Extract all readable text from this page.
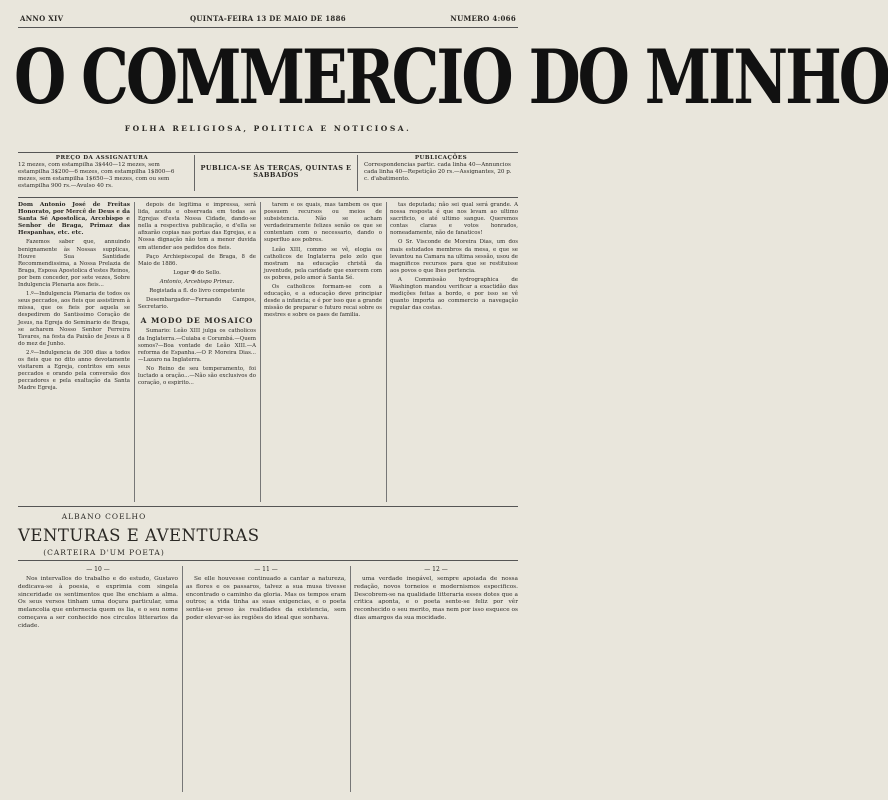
ANNO XIV	QUINTA-FEIRA 13 DE MAIO DE 1886	NUMERO 4:066
O COMMERCIO DO MINHO
FOLHA RELIGIOSA, POLITICA E NOTICIOSA.
PREÇO DA ASSIGNATURA
12 mezes, com estampilha 3$440—12 mezes, sem estampilha 3$200—6 mezes, com estampilha 1$800—6 mezes, sem estampilha 1$650—3 mezes, com ou sem estampilha 900 rs.—Avulso 40 rs.
PUBLICA-SE ÀS TERÇAS, QUINTAS E SABBADOS
PUBLICAÇÕES
Correspondencias partic. cada linha 40—Annuncios cada linha 40—Repetição 20 rs.—Assignantes, 20 p. c. d'abatimento.

Dom Antonio José de Freitas Honorato, por Mercê de Deus e da Santa Sé Apostolica, Arcebispo e Senhor de Braga, Primaz das Hespanhas, etc. etc.

Fazemos saber que, annuindo benignamente às Nossas supplicas, Houve Sua Santidade Recommendissima, a Nossa Prelazia de Braga, Esposa Apostolica d'estes Reinos, por bem conceder, por sete vezes, Sobre Indulgencia Plenaria aos fieis...

1.º—Indulgencia Plenaria de todos os seus peccados, aos fieis que assistirem à missa, que os fieis por aquela se despedirem do Santissimo Coração de Jesus, na Egreja do Seminario de Braga, se acharem Nosso Senhor Ferreira Tavares, na festa da Paixão de Jesus a 8 do mez de Junho.

2.º—Indulgencia de 300 dias a todos os fieis que no dito anno devotamente visitarem a Egreja, contritos em seus peccados e orando pela conversão dos peccadores e pela exaltação da Santa Madre Egreja.

depois de legitima e impressa, será lida, aceita e observada em todas as Egrejas d'esta Nossa Cidade, dando-se nella a respectiva publicação, e d'ella se afixarão copias nas portas das Egrejas, e a Nossa dignação não tem a menor duvida em attender aos pedidos dos fieis.

Paço Archiepiscopal de Braga, 8 de Maio de 1886.

Logar ✠ do Sello.

Antonio, Arcebispo Primaz.

Registada a fl. do livro competente

Desembargador—Fernando Campos, Secretario.

A MODO DE MOSAICO

Sumario: Leão XIII julga os catholicos da Inglaterra.—Cuiaba e Corumbá.—Quem somos?—Boa vontade de Leão XIII.—A reforma de Espanha.—O P. Moreira Dias...—Lazaro na Inglaterra.

No Reino de seu temperamento, foi luctado a oração...—Não são exclusivos do coração, o espirito...

tarem e os quais, mas tambem os que possuem recursos ou meios de subsistencia. Não se acham verdadeiramente felizes senão os que se contentam com o necessario, dando o superfluo aos pobres.

Leão XIII, commo se vê, elogia os catholicos de Inglaterra pelo zelo que mostram na educação christã da juventude, pela caridade que exercem com os pobres, pelo amor à Santa Sé.

Os catholicos formam-se com a educação, e a educação deve principiar desde a infancia; e é por isso que a grande missão de preparar o futuro recai sobre os mestres e sobre os paes de familia.

tas deputada; não sei qual será grande. A nossa resposta é que nos levam ao ultimo sacrificio, e até ultimo sangue. Queremos contas claras e votos honrados, nomeadamente, não de fanaticos!

O Sr. Visconde de Moreira Dias, um dos mais estudados membros da mesa, e que se levantou na Camara na ultima sessão, usou de magnificos recursos para que se restituisse aos povos o que lhes pertencia.

A Commissão hydrographica de Washington mandou verificar a exactidão das medições feitas a bordo, e por isso se vê quanto importa ao commercio a navegação regular das costas.

ALBANO COELHO
VENTURAS E AVENTURAS
(CARTEIRA D'UM POETA)
— 10 —	— 11 —	— 12 —

Nos intervallos do trabalho e do estudo, Gustavo dedicava-se à poesia, e exprimia com singela sinceridade os sentimentos que lhe enchiam a alma. Os seus versos tinham uma doçura particular, uma melancolia que enternecia quem os lia, e o seu nome começava a ser conhecido nos circulos litterarios da cidade.

Se elle houvesse continuado a cantar a natureza, as flores e os passaros, talvez a sua musa tivesse encontrado o caminho da gloria. Mas os tempos eram outros; a vida tinha as suas exigencias, e o poeta sentia-se preso às realidades da existencia, sem poder elevar-se às regiões do ideal que sonhava.

uma verdade inegável, sempre apoiada de nossa redação, novos torneios e modernismos especificos. Descobrem-se na qualidade litteraria esses dotes que a critica aponta, e o poeta sente-se feliz por vêr reconhecido o seu merito, mas nem por isso esquece os dias amargos da sua mocidade.
